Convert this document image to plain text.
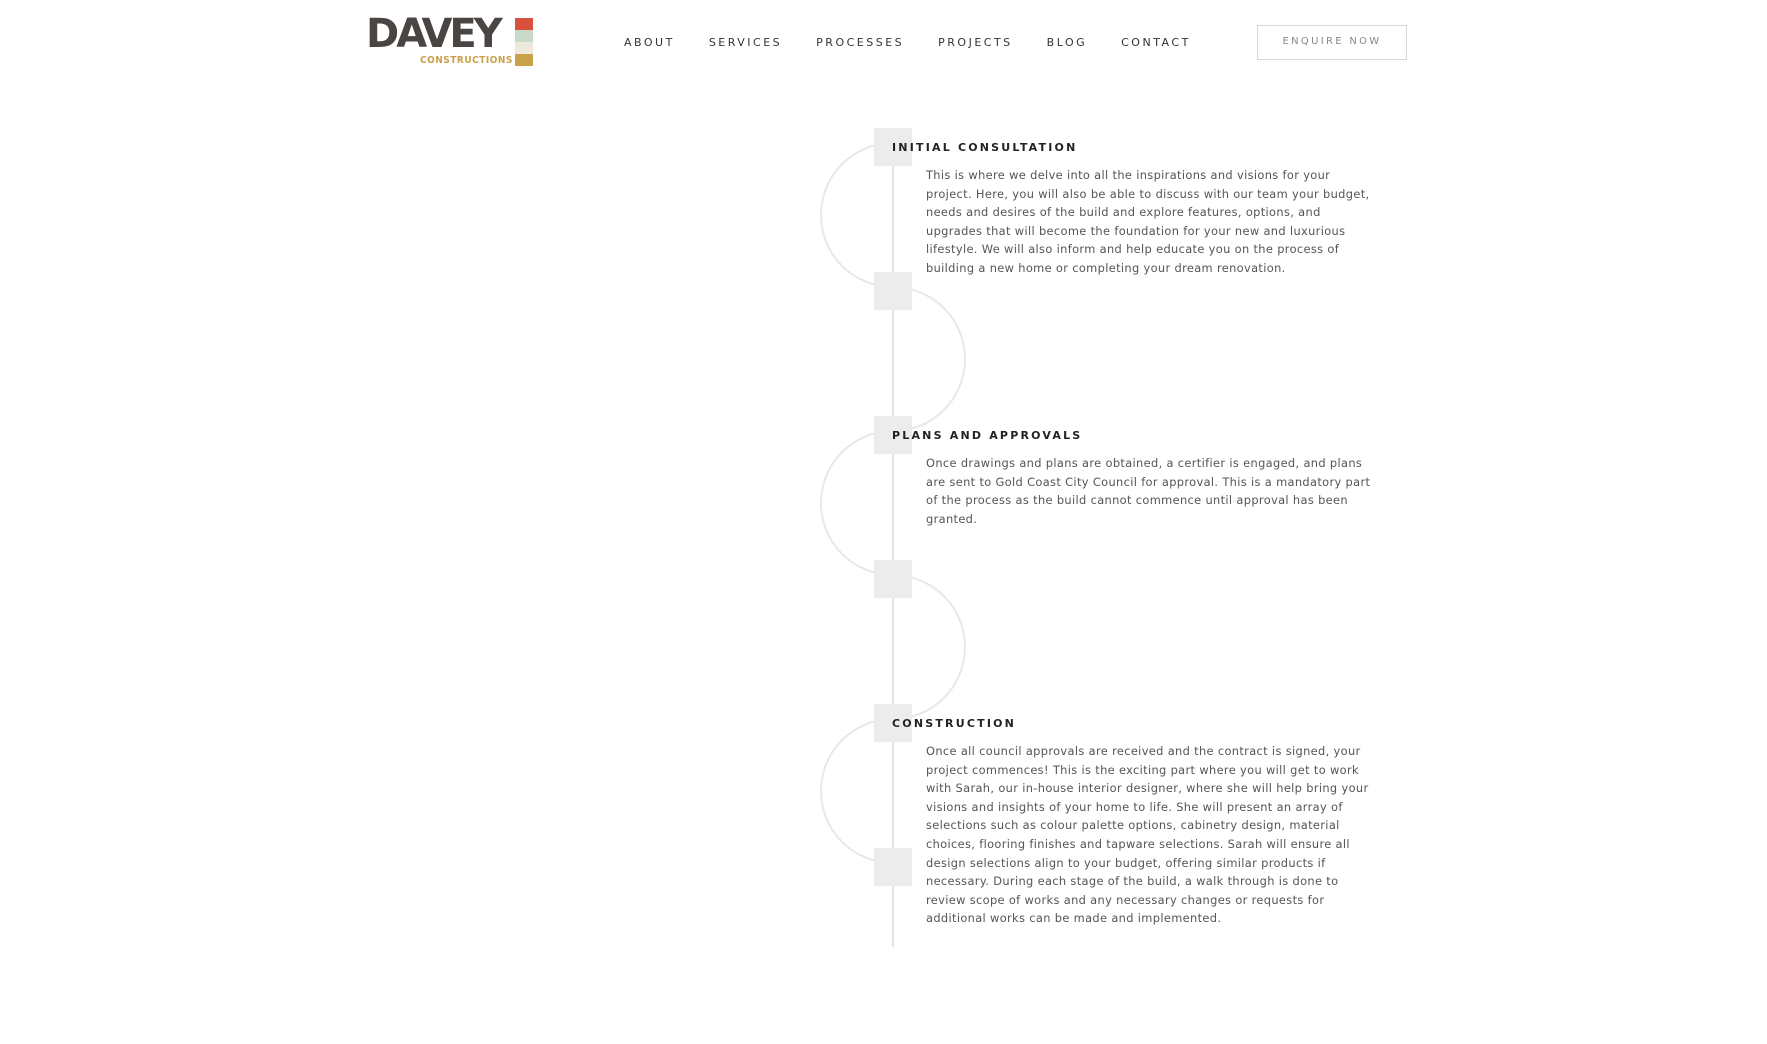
DAVEY
CONSTRUCTIONS
ABOUT	SERVICES	PROCESSES	PROJECTS	BLOG	CONTACT	ENQUIRE NOW
INITIAL CONSULTATION
This is where we delve into all the inspirations and visions for your project. Here, you will also be able to discuss with our team your budget, needs and desires of the build and explore features, options, and upgrades that will become the foundation for your new and luxurious lifestyle. We will also inform and help educate you on the process of building a new home or completing your dream renovation.
PLANS AND APPROVALS
Once drawings and plans are obtained, a certifier is engaged, and plans are sent to Gold Coast City Council for approval. This is a mandatory part of the process as the build cannot commence until approval has been granted.
CONSTRUCTION
Once all council approvals are received and the contract is signed, your project commences! This is the exciting part where you will get to work with Sarah, our in-house interior designer, where she will help bring your visions and insights of your home to life. She will present an array of selections such as colour palette options, cabinetry design, material choices, flooring finishes and tapware selections. Sarah will ensure all design selections align to your budget, offering similar products if necessary. During each stage of the build, a walk through is done to review scope of works and any necessary changes or requests for additional works can be made and implemented.
